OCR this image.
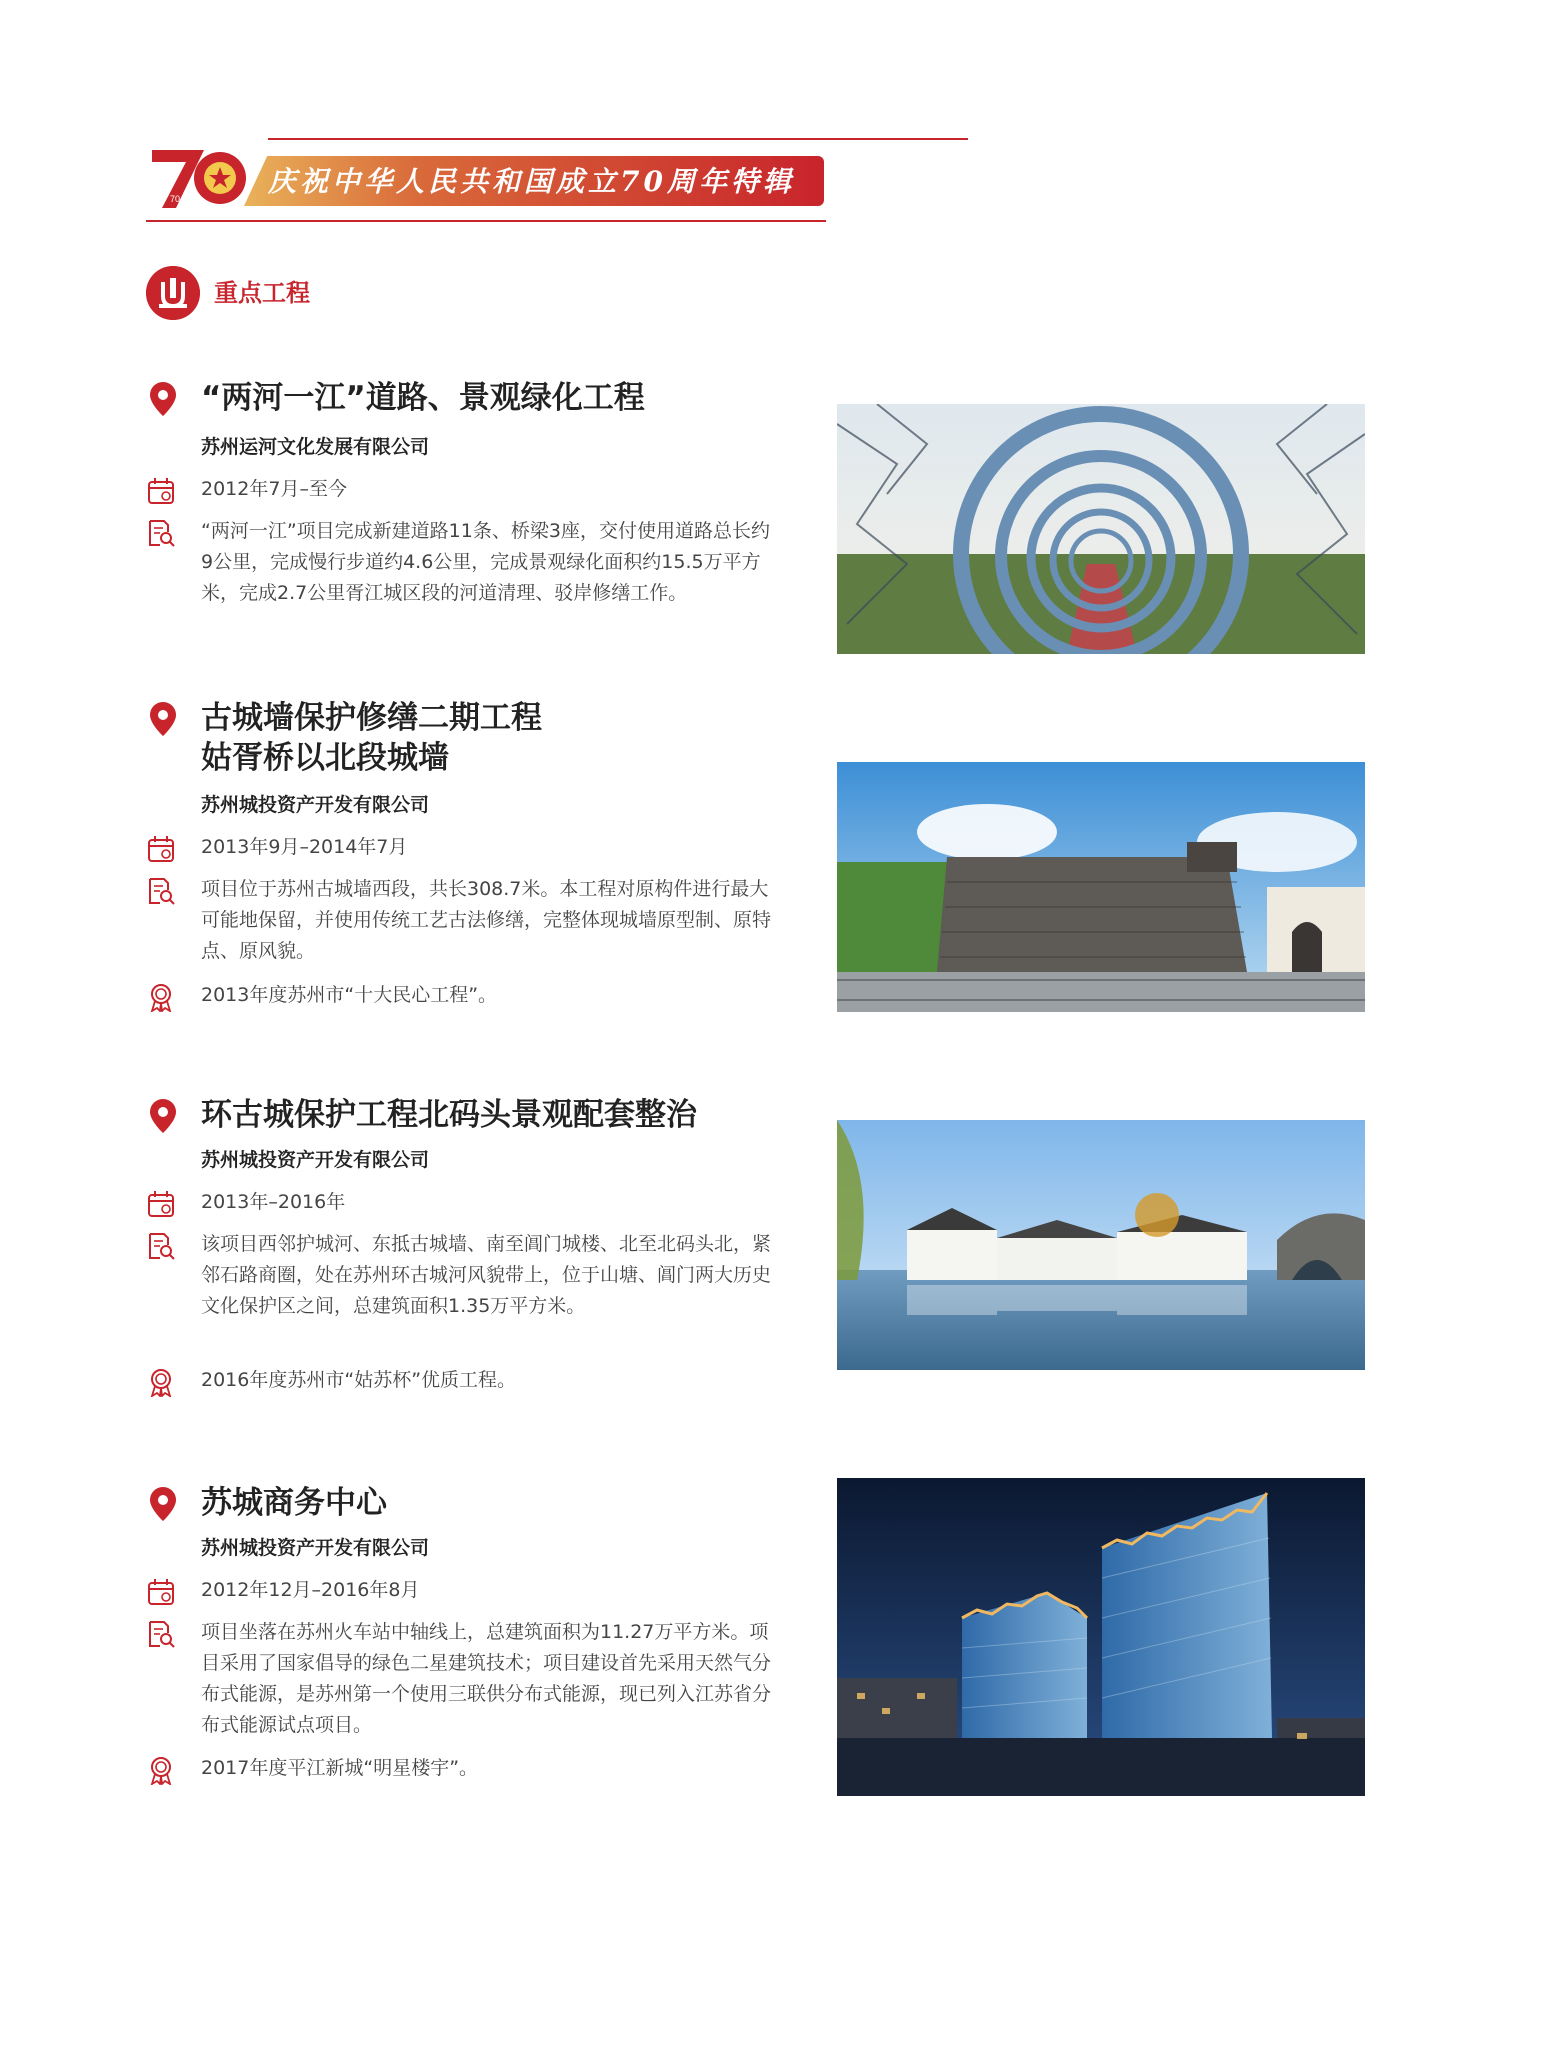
庆祝中华人民共和国成立70周年特辑
70
重点工程
“两河一江”道路、景观绿化工程
苏州运河文化发展有限公司
2012年7月–至今
“两河一江”项目完成新建道路11条、桥梁3座，交付使用道路总长约9公里，完成慢行步道约4.6公里，完成景观绿化面积约15.5万平方米，完成2.7公里胥江城区段的河道清理、驳岸修缮工作。
古城墙保护修缮二期工程
姑胥桥以北段城墙
苏州城投资产开发有限公司
2013年9月–2014年7月
项目位于苏州古城墙西段，共长308.7米。本工程对原构件进行最大可能地保留，并使用传统工艺古法修缮，完整体现城墙原型制、原特点、原风貌。
2013年度苏州市“十大民心工程”。
环古城保护工程北码头景观配套整治
苏州城投资产开发有限公司
2013年–2016年
该项目西邻护城河、东抵古城墙、南至阊门城楼、北至北码头北，紧邻石路商圈，处在苏州环古城河风貌带上，位于山塘、阊门两大历史文化保护区之间，总建筑面积1.35万平方米。
2016年度苏州市“姑苏杯”优质工程。
苏城商务中心
苏州城投资产开发有限公司
2012年12月–2016年8月
项目坐落在苏州火车站中轴线上，总建筑面积为11.27万平方米。项目采用了国家倡导的绿色二星建筑技术；项目建设首先采用天然气分布式能源，是苏州第一个使用三联供分布式能源，现已列入江苏省分布式能源试点项目。
2017年度平江新城“明星楼宇”。
